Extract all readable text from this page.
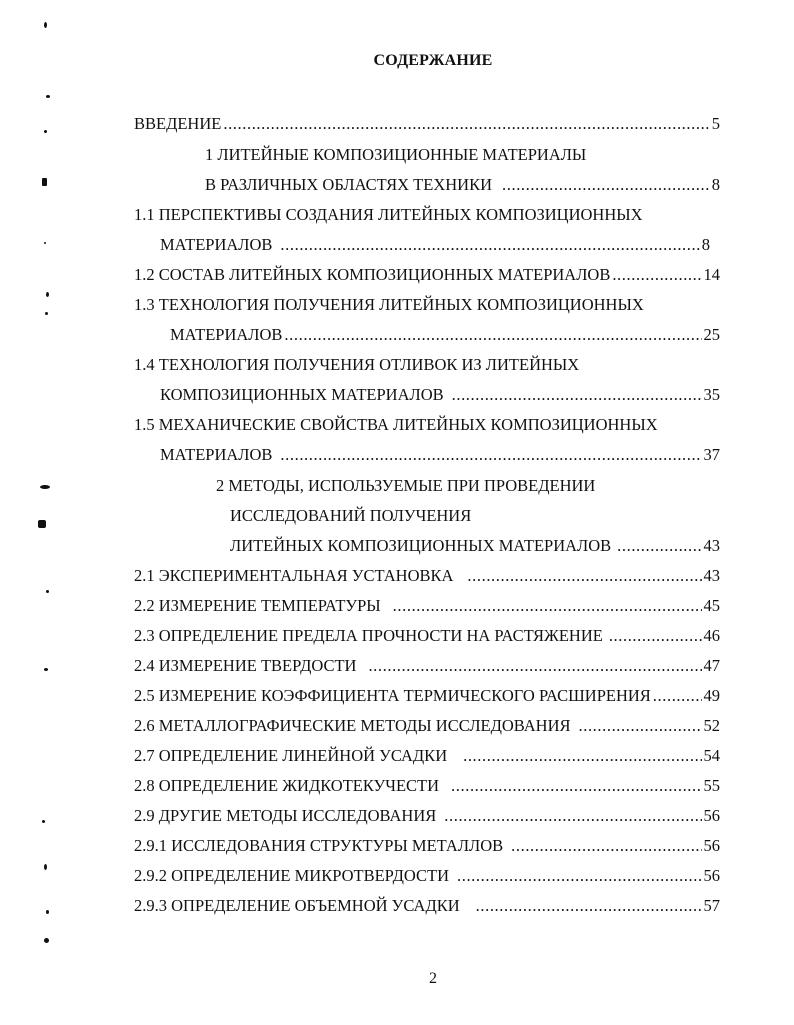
СОДЕРЖАНИЕ
ВВЕДЕНИЕ .....	5
1 ЛИТЕЙНЫЕ КОМПОЗИЦИОННЫЕ МАТЕРИАЛЫ
В РАЗЛИЧНЫХ ОБЛАСТЯХ ТЕХНИКИ .....	8
1.1 ПЕРСПЕКТИВЫ СОЗДАНИЯ ЛИТЕЙНЫХ КОМПОЗИЦИОННЫХ
МАТЕРИАЛОВ .....	8
1.2 СОСТАВ ЛИТЕЙНЫХ КОМПОЗИЦИОННЫХ МАТЕРИАЛОВ .....	14
1.3 ТЕХНОЛОГИЯ ПОЛУЧЕНИЯ ЛИТЕЙНЫХ КОМПОЗИЦИОННЫХ
МАТЕРИАЛОВ .....	25
1.4 ТЕХНОЛОГИЯ ПОЛУЧЕНИЯ ОТЛИВОК ИЗ ЛИТЕЙНЫХ
КОМПОЗИЦИОННЫХ МАТЕРИАЛОВ .....	35
1.5 МЕХАНИЧЕСКИЕ СВОЙСТВА ЛИТЕЙНЫХ КОМПОЗИЦИОННЫХ
МАТЕРИАЛОВ .....	37
2 МЕТОДЫ, ИСПОЛЬЗУЕМЫЕ ПРИ ПРОВЕДЕНИИ
ИССЛЕДОВАНИЙ ПОЛУЧЕНИЯ
ЛИТЕЙНЫХ КОМПОЗИЦИОННЫХ МАТЕРИАЛОВ .....	43
2.1 ЭКСПЕРИМЕНТАЛЬНАЯ УСТАНОВКА .....	43
2.2 ИЗМЕРЕНИЕ ТЕМПЕРАТУРЫ .....	45
2.3 ОПРЕДЕЛЕНИЕ ПРЕДЕЛА ПРОЧНОСТИ НА РАСТЯЖЕНИЕ .....	46
2.4 ИЗМЕРЕНИЕ ТВЕРДОСТИ .....	47
2.5 ИЗМЕРЕНИЕ КОЭФФИЦИЕНТА ТЕРМИЧЕСКОГО РАСШИРЕНИЯ .....	49
2.6 МЕТАЛЛОГРАФИЧЕСКИЕ МЕТОДЫ ИССЛЕДОВАНИЯ .....	52
2.7 ОПРЕДЕЛЕНИЕ ЛИНЕЙНОЙ УСАДКИ .....	54
2.8 ОПРЕДЕЛЕНИЕ ЖИДКОТЕКУЧЕСТИ .....	55
2.9 ДРУГИЕ МЕТОДЫ ИССЛЕДОВАНИЯ .....	56
2.9.1 ИССЛЕДОВАНИЯ СТРУКТУРЫ МЕТАЛЛОВ .....	56
2.9.2 ОПРЕДЕЛЕНИЕ МИКРОТВЕРДОСТИ .....	56
2.9.3 ОПРЕДЕЛЕНИЕ ОБЪЕМНОЙ УСАДКИ .....	57
2
